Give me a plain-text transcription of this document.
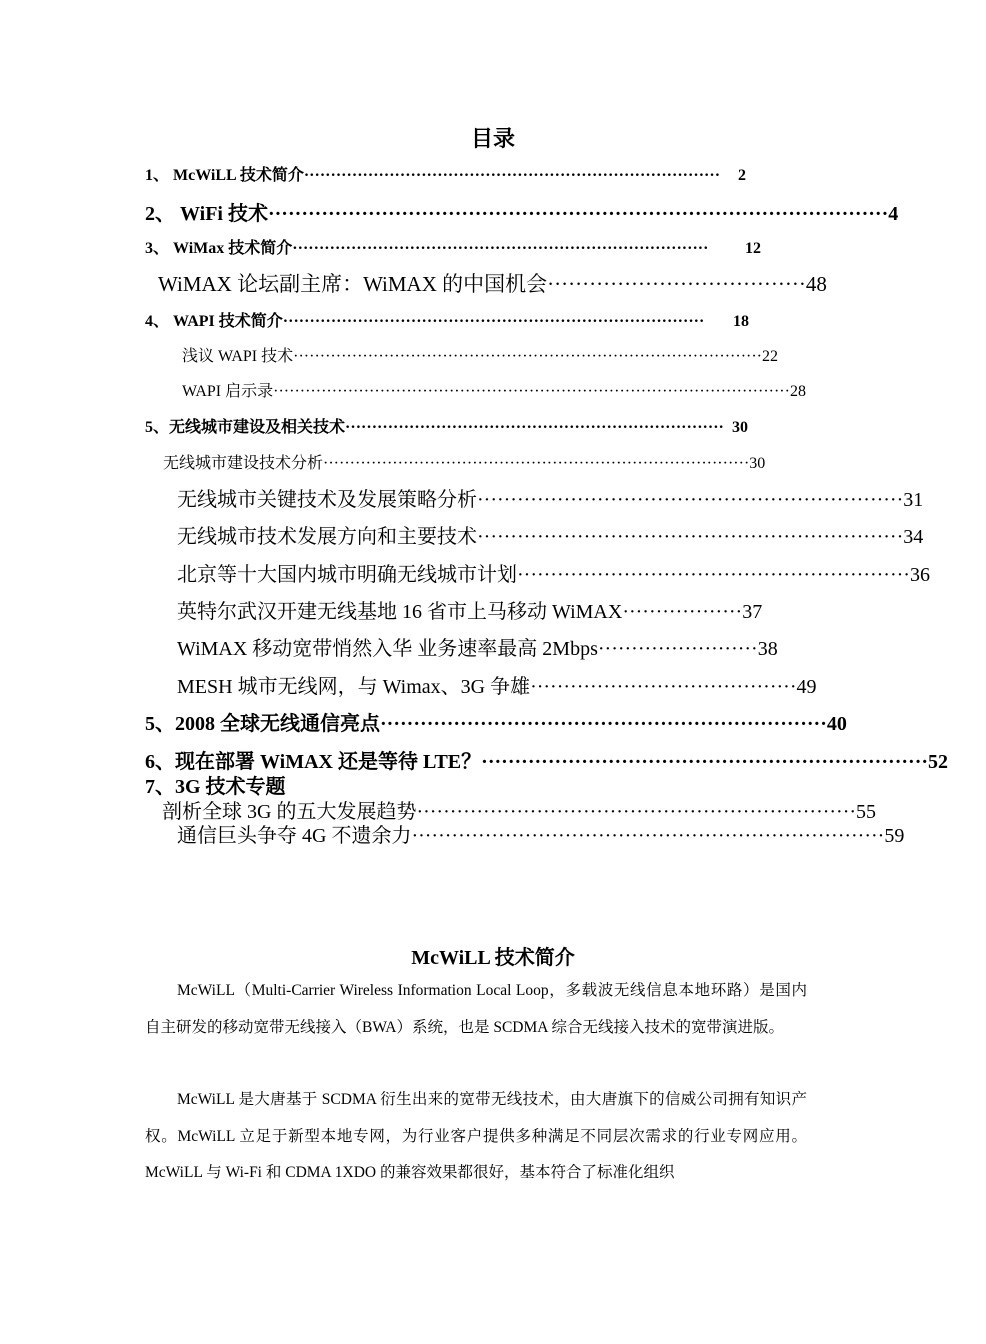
目录
1、 McWiLL 技术简介 ··············································································	2
2、 WiFi 技术 ····························································································· 4
3、 WiMax 技术简介 ··············································································	12
WiMAX 论坛副主席：WiMAX 的中国机会 ····································· 48
4、 WAPI 技术简介 ···············································································	18
浅议 WAPI 技术 ························································································ 22
WAPI 启示录 ································································································· 28
5、无线城市建设及相关技术 ······································································· 30
无线城市建设技术分析 ················································································ 30
无线城市关键技术及发展策略分析 ································································ 31
无线城市技术发展方向和主要技术 ································································ 34
北京等十大国内城市明确无线城市计划 ··························································· 36
英特尔武汉开建无线基地 16 省市上马移动 WiMAX ·················· 37
WiMAX 移动宽带悄然入华 业务速率最高 2Mbps ························ 38
MESH 城市无线网，与 Wimax、3G 争雄 ········································ 49
5、2008 全球无线通信亮点 ··································································· 40
6、现在部署 WiMAX 还是等待 LTE？ ··································································· 52
7、3G 技术专题
剖析全球 3G 的五大发展趋势 ·································································· 55
通信巨头争夺 4G 不遗余力 ······································································· 59
McWiLL 技术简介

McWiLL（Multi-Carrier Wireless Information Local Loop，多载波无线信息本地环路）是国内自主研发的移动宽带无线接入（BWA）系统，也是 SCDMA 综合无线接入技术的宽带演进版。

McWiLL 是大唐基于 SCDMA 衍生出来的宽带无线技术，由大唐旗下的信威公司拥有知识产权。McWiLL 立足于新型本地专网，为行业客户提供多种满足不同层次需求的行业专网应用。McWiLL 与 Wi-Fi 和 CDMA 1XDO 的兼容效果都很好，基本符合了标准化组织
